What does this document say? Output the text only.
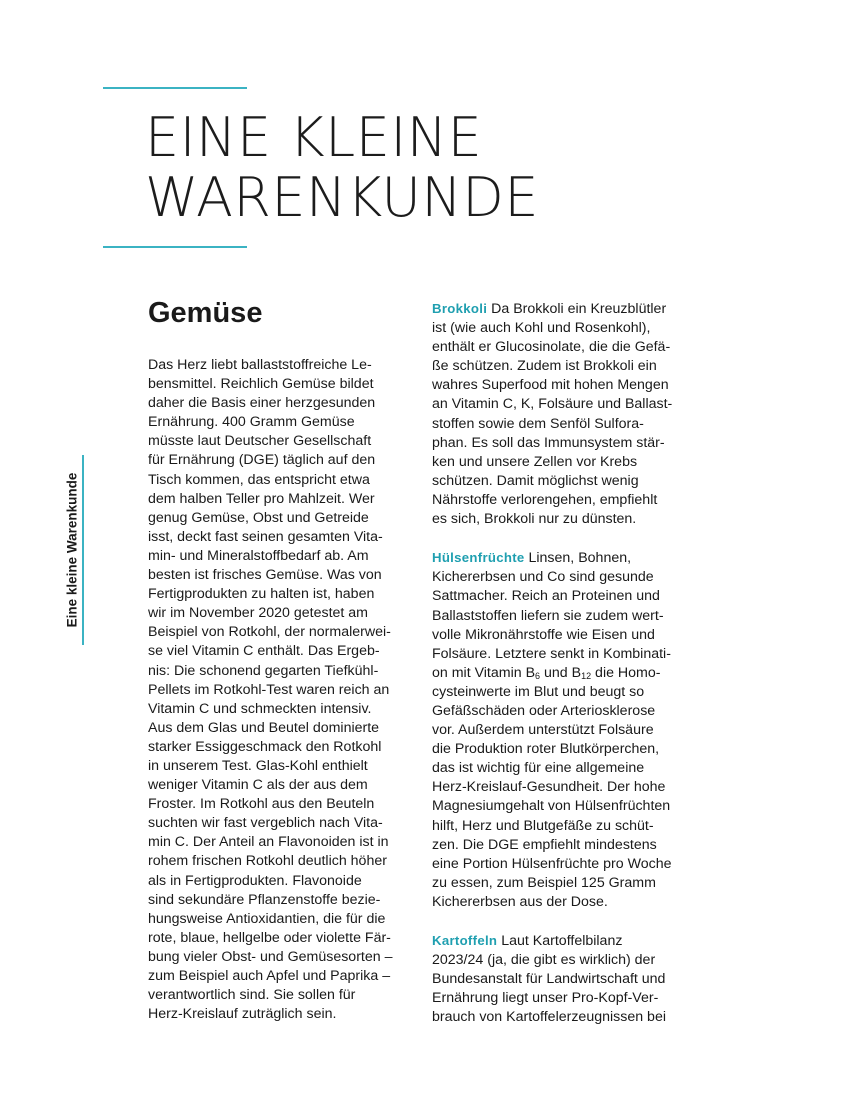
EINE KLEINE
WARENKUNDE
Eine kleine Warenkunde
Gemüse
Das Herz liebt ballaststoffreiche Le-
bensmittel. Reichlich Gemüse bildet
daher die Basis einer herzgesunden
Ernährung. 400 Gramm Gemüse
müsste laut Deutscher Gesellschaft
für Ernährung (DGE) täglich auf den
Tisch kommen, das entspricht etwa
dem halben Teller pro Mahlzeit. Wer
genug Gemüse, Obst und Getreide
isst, deckt fast seinen gesamten Vita-
min- und Mineralstoffbedarf ab. Am
besten ist frisches Gemüse. Was von
Fertigprodukten zu halten ist, haben
wir im November 2020 getestet am
Beispiel von Rotkohl, der normalerwei-
se viel Vitamin C enthält. Das Ergeb-
nis: Die schonend gegarten Tiefkühl-
Pellets im Rotkohl-Test waren reich an
Vitamin C und schmeckten intensiv.
Aus dem Glas und Beutel dominierte
starker Essiggeschmack den Rotkohl
in unserem Test. Glas-Kohl enthielt
weniger Vitamin C als der aus dem
Froster. Im Rotkohl aus den Beuteln
suchten wir fast vergeblich nach Vita-
min C. Der Anteil an Flavonoiden ist in
rohem frischen Rotkohl deutlich höher
als in Fertigprodukten. Flavonoide
sind sekundäre Pflanzenstoffe bezie-
hungsweise Antioxidantien, die für die
rote, blaue, hellgelbe oder violette Fär-
bung vieler Obst- und Gemüsesorten –
zum Beispiel auch Apfel und Paprika –
verantwortlich sind. Sie sollen für
Herz-Kreislauf zuträglich sein.
Brokkoli Da Brokkoli ein Kreuzblütler
ist (wie auch Kohl und Rosenkohl),
enthält er Glucosinolate, die die Gefä-
ße schützen. Zudem ist Brokkoli ein
wahres Superfood mit hohen Mengen
an Vitamin C, K, Folsäure und Ballast-
stoffen sowie dem Senföl Sulfora-
phan. Es soll das Immunsystem stär-
ken und unsere Zellen vor Krebs
schützen. Damit möglichst wenig
Nährstoffe verlorengehen, empfiehlt
es sich, Brokkoli nur zu dünsten.
Hülsenfrüchte Linsen, Bohnen,
Kichererbsen und Co sind gesunde
Sattmacher. Reich an Proteinen und
Ballaststoffen liefern sie zudem wert-
volle Mikronährstoffe wie Eisen und
Folsäure. Letztere senkt in Kombinati-
on mit Vitamin $B_6$ und $B_{12}$ die Homo-
cysteinwerte im Blut und beugt so
Gefäßschäden oder Arteriosklerose
vor. Außerdem unterstützt Folsäure
die Produktion roter Blutkörperchen,
das ist wichtig für eine allgemeine
Herz-Kreislauf-Gesundheit. Der hohe
Magnesiumgehalt von Hülsenfrüchten
hilft, Herz und Blutgefäße zu schüt-
zen. Die DGE empfiehlt mindestens
eine Portion Hülsenfrüchte pro Woche
zu essen, zum Beispiel 125 Gramm
Kichererbsen aus der Dose.
Kartoffeln Laut Kartoffelbilanz
2023/24 (ja, die gibt es wirklich) der
Bundesanstalt für Landwirtschaft und
Ernährung liegt unser Pro-Kopf-Ver-
brauch von Kartoffelerzeugnissen bei
